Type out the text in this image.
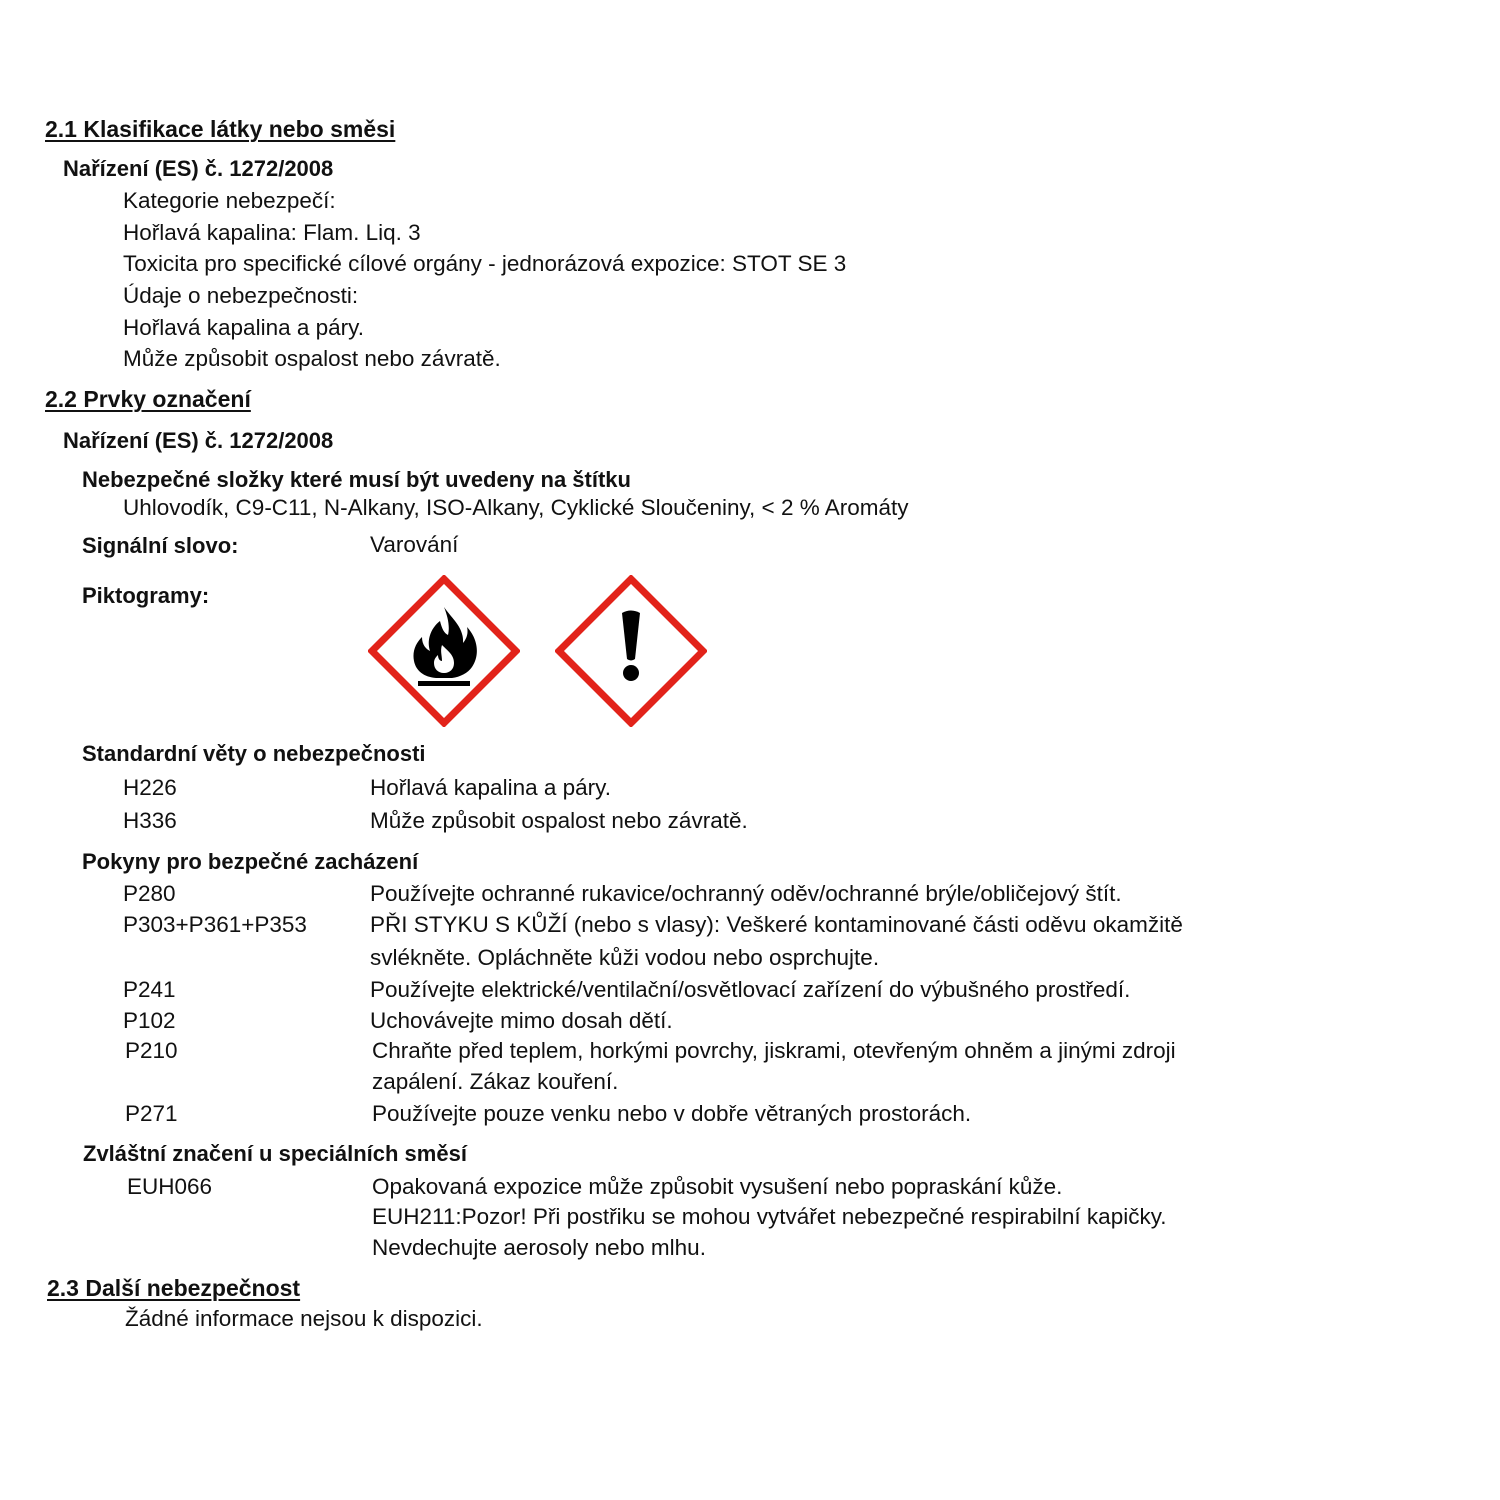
2.1 Klasifikace látky nebo směsi
Nařízení (ES) č. 1272/2008
Kategorie nebezpečí:
Hořlavá kapalina: Flam. Liq. 3
Toxicita pro specifické cílové orgány - jednorázová expozice: STOT SE 3
Údaje o nebezpečnosti:
Hořlavá kapalina a páry.
Může způsobit ospalost nebo závratě.
2.2 Prvky označení
Nařízení (ES) č. 1272/2008
Nebezpečné složky které musí být uvedeny na štítku
Uhlovodík, C9-C11, N-Alkany, ISO-Alkany, Cyklické Sloučeniny, < 2 % Aromáty
Signální slovo:	Varování
Piktogramy:
Standardní věty o nebezpečnosti
H226	Hořlavá kapalina a páry.
H336	Může způsobit ospalost nebo závratě.
Pokyny pro bezpečné zacházení
P280	Používejte ochranné rukavice/ochranný oděv/ochranné brýle/obličejový štít.
P303+P361+P353	PŘI STYKU S KŮŽÍ (nebo s vlasy): Veškeré kontaminované části oděvu okamžitě
svlékněte. Opláchněte kůži vodou nebo osprchujte.
P241	Používejte elektrické/ventilační/osvětlovací zařízení do výbušného prostředí.
P102	Uchovávejte mimo dosah dětí.
P210	Chraňte před teplem, horkými povrchy, jiskrami, otevřeným ohněm a jinými zdroji
zapálení. Zákaz kouření.
P271	Používejte pouze venku nebo v dobře větraných prostorách.
Zvláštní značení u speciálních směsí
EUH066	Opakovaná expozice může způsobit vysušení nebo popraskání kůže.
EUH211:Pozor! Při postřiku se mohou vytvářet nebezpečné respirabilní kapičky.
Nevdechujte aerosoly nebo mlhu.
2.3 Další nebezpečnost
Žádné informace nejsou k dispozici.
